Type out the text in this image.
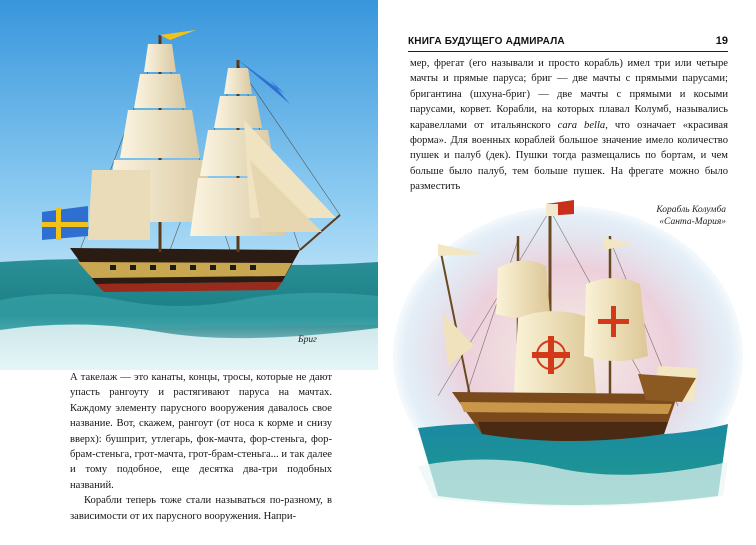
Бриг

А такелаж — это канаты, концы, тросы, которые не дают упасть рангоуту и растягивают паруса на мачтах. Каждому элементу парусного вооружения давалось свое название. Вот, скажем, рангоут (от носа к корме и снизу вверх): бушприт, утлегарь, фок-мачта, фор-стеньга, фор-брам-стеньга, грот-мачта, грот-брам-стеньга... и так далее и тому подобное, еще десятка два-три подобных названий.

Корабли теперь тоже стали называться по-разному, в зависимости от их парусного вооружения. Напри-

КНИГА БУДУЩЕГО АДМИРАЛА	19

мер, фрегат (его называли и просто корабль) имел три или четыре мачты и прямые паруса; бриг — две мачты с прямыми парусами; бригантина (шхуна-бриг) — две мачты с прямыми и косыми парусами, корвет. Корабли, на которых плавал Колумб, назывались каравеллами от итальянского cara bella, что означает «красивая форма». Для военных кораблей большое значение имело количество пушек и палуб (дек). Пушки тогда размещались по бортам, и чем больше было палуб, тем больше пушек. На фрегате можно было разместить

Корабль Колумба
«Санта-Мария»
